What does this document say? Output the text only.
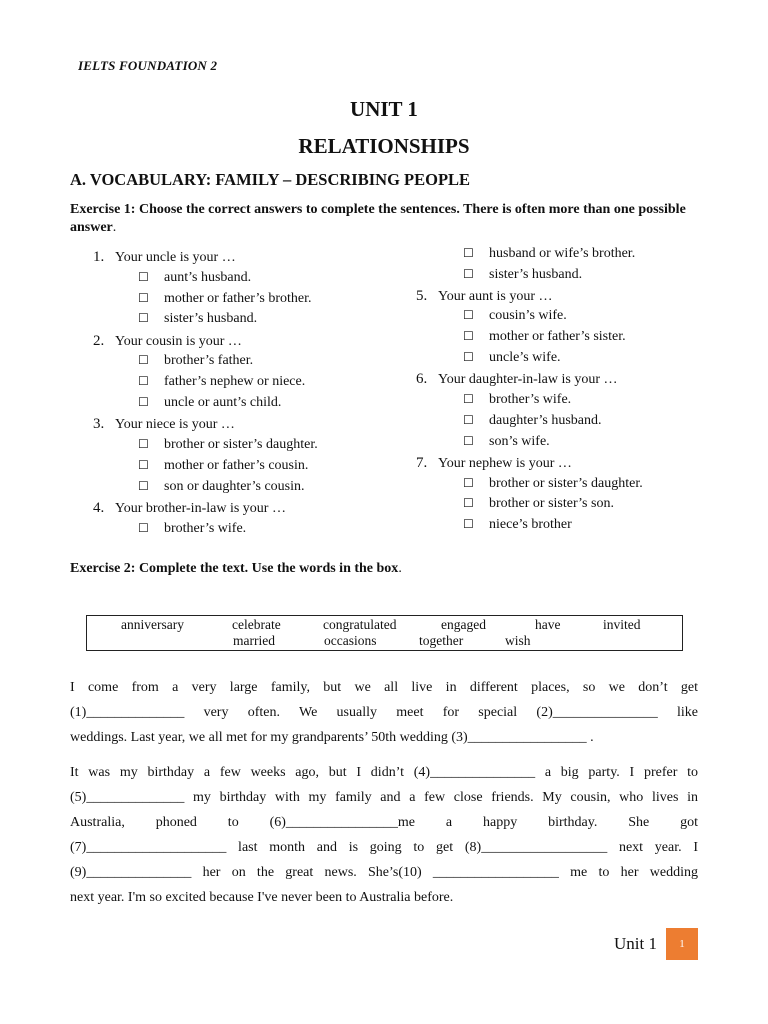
IELTS FOUNDATION 2
UNIT 1
RELATIONSHIPS
A. VOCABULARY: FAMILY – DESCRIBING PEOPLE
Exercise 1: Choose the correct answers to complete the sentences. There is often more than one possible answer.
1. Your uncle is your …
☐ aunt’s husband.
☐ mother or father’s brother.
☐ sister’s husband.
2. Your cousin is your …
☐ brother’s father.
☐ father’s nephew or niece.
☐ uncle or aunt’s child.
3. Your niece is your …
☐ brother or sister’s daughter.
☐ mother or father’s cousin.
☐ son or daughter’s cousin.
4. Your brother-in-law is your …
☐ brother’s wife.
☐ husband or wife’s brother.
☐ sister’s husband.
5. Your aunt is your …
☐ cousin’s wife.
☐ mother or father’s sister.
☐ uncle’s wife.
6. Your daughter-in-law is your …
☐ brother’s wife.
☐ daughter’s husband.
☐ son’s wife.
7. Your nephew is your …
☐ brother or sister’s daughter.
☐ brother or sister’s son.
☐ niece’s brother
Exercise 2: Complete the text. Use the words in the box.
anniversary	celebrate	congratulated	engaged	have	invited
married	occasions	together	wish
I come from a very large family, but we all live in different places, so we don’t get
(1)______________ very often. We usually meet for special (2)_______________ like
weddings. Last year, we all met for my grandparents’ 50th wedding (3)_________________ .
It was my birthday a few weeks ago, but I didn’t (4)_______________ a big party. I prefer to
(5)______________ my birthday with my family and a few close friends. My cousin, who lives in
Australia, phoned to (6)________________me a happy birthday. She got
(7)____________________ last month and is going to get (8)__________________ next year. I
(9)_______________ her on the great news. She’s(10) __________________ me to her wedding
next year. I'm so excited because I've never been to Australia before.
Unit 1	1
